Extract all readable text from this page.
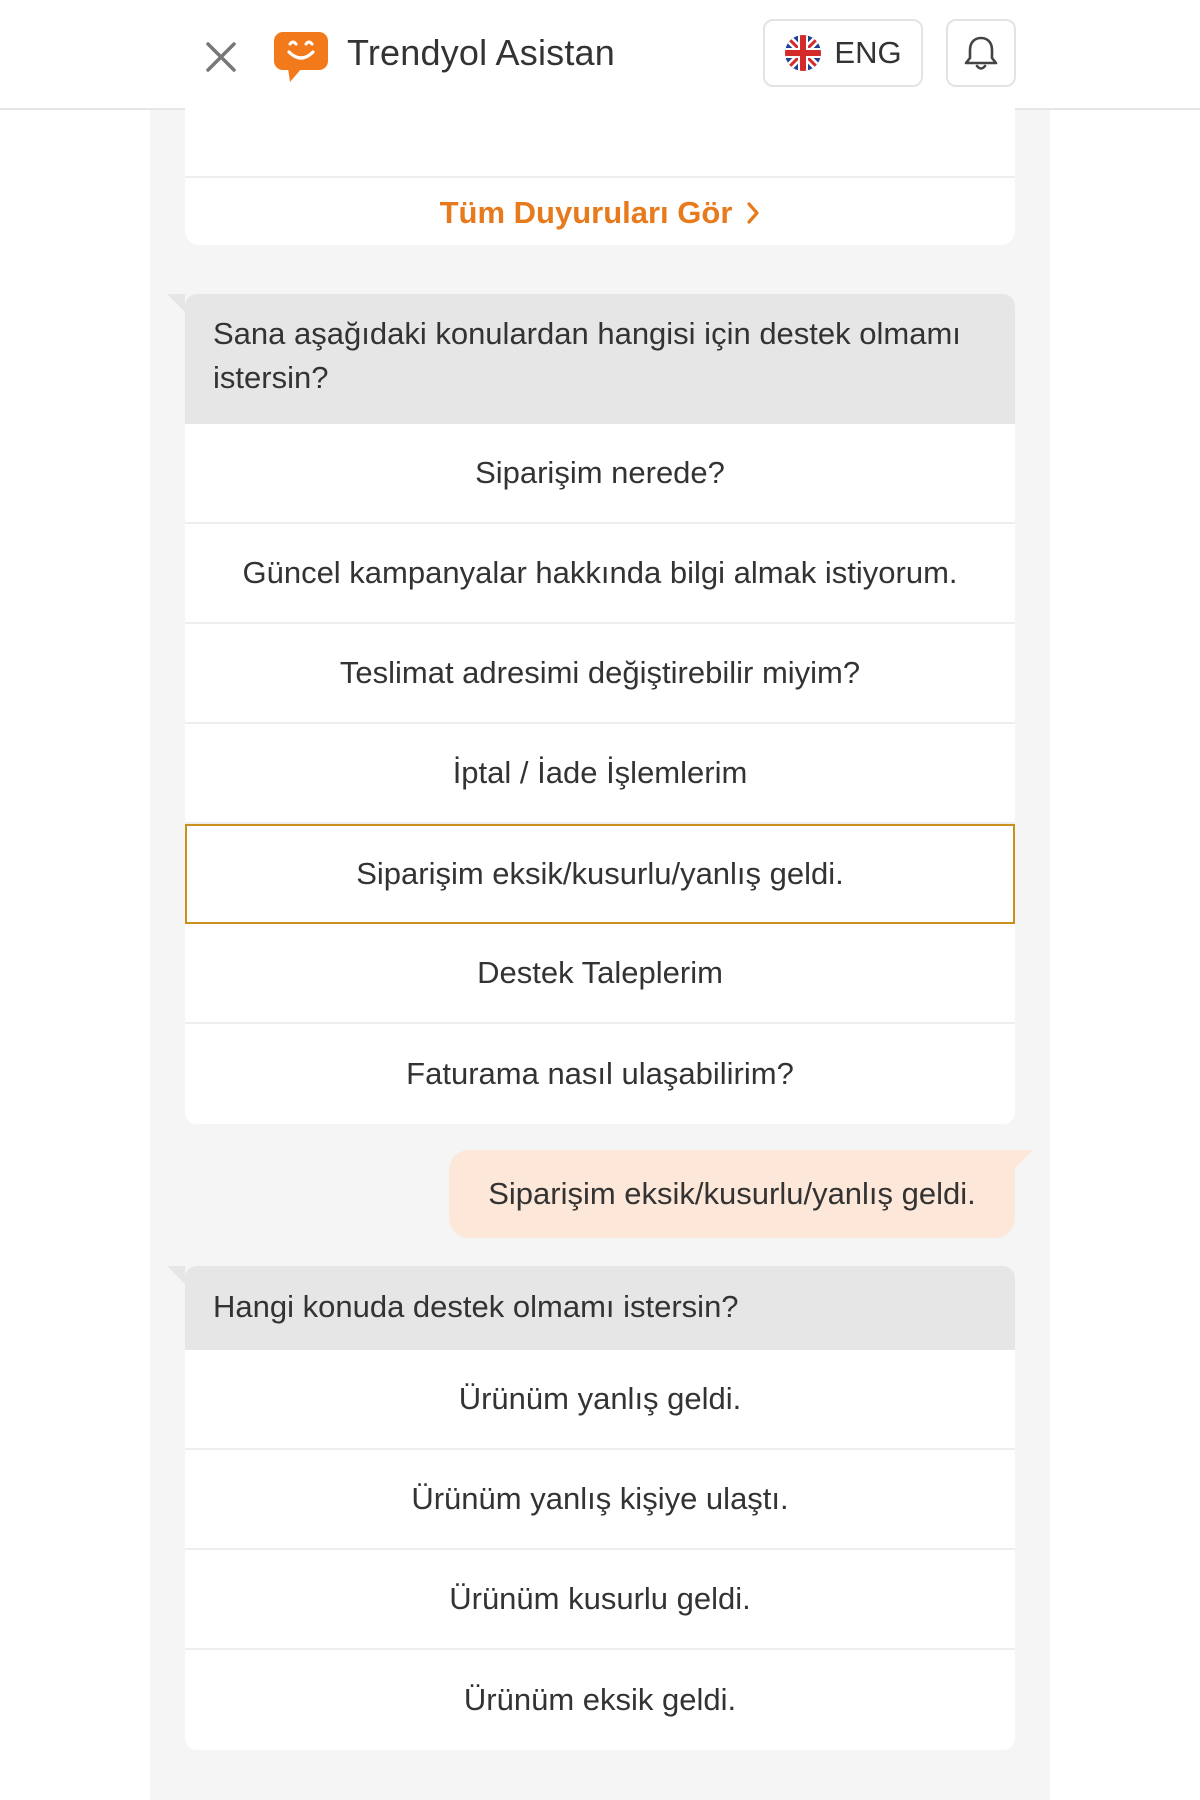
Trendyol Asistan	ENG
Tüm Duyuruları Gör
Sana aşağıdaki konulardan hangisi için destek olmamı istersin?
Siparişim nerede?
Güncel kampanyalar hakkında bilgi almak istiyorum.
Teslimat adresimi değiştirebilir miyim?
İptal / İade İşlemlerim
Siparişim eksik/kusurlu/yanlış geldi.
Destek Taleplerim
Faturama nasıl ulaşabilirim?
Siparişim eksik/kusurlu/yanlış geldi.
Hangi konuda destek olmamı istersin?
Ürünüm yanlış geldi.
Ürünüm yanlış kişiye ulaştı.
Ürünüm kusurlu geldi.
Ürünüm eksik geldi.
